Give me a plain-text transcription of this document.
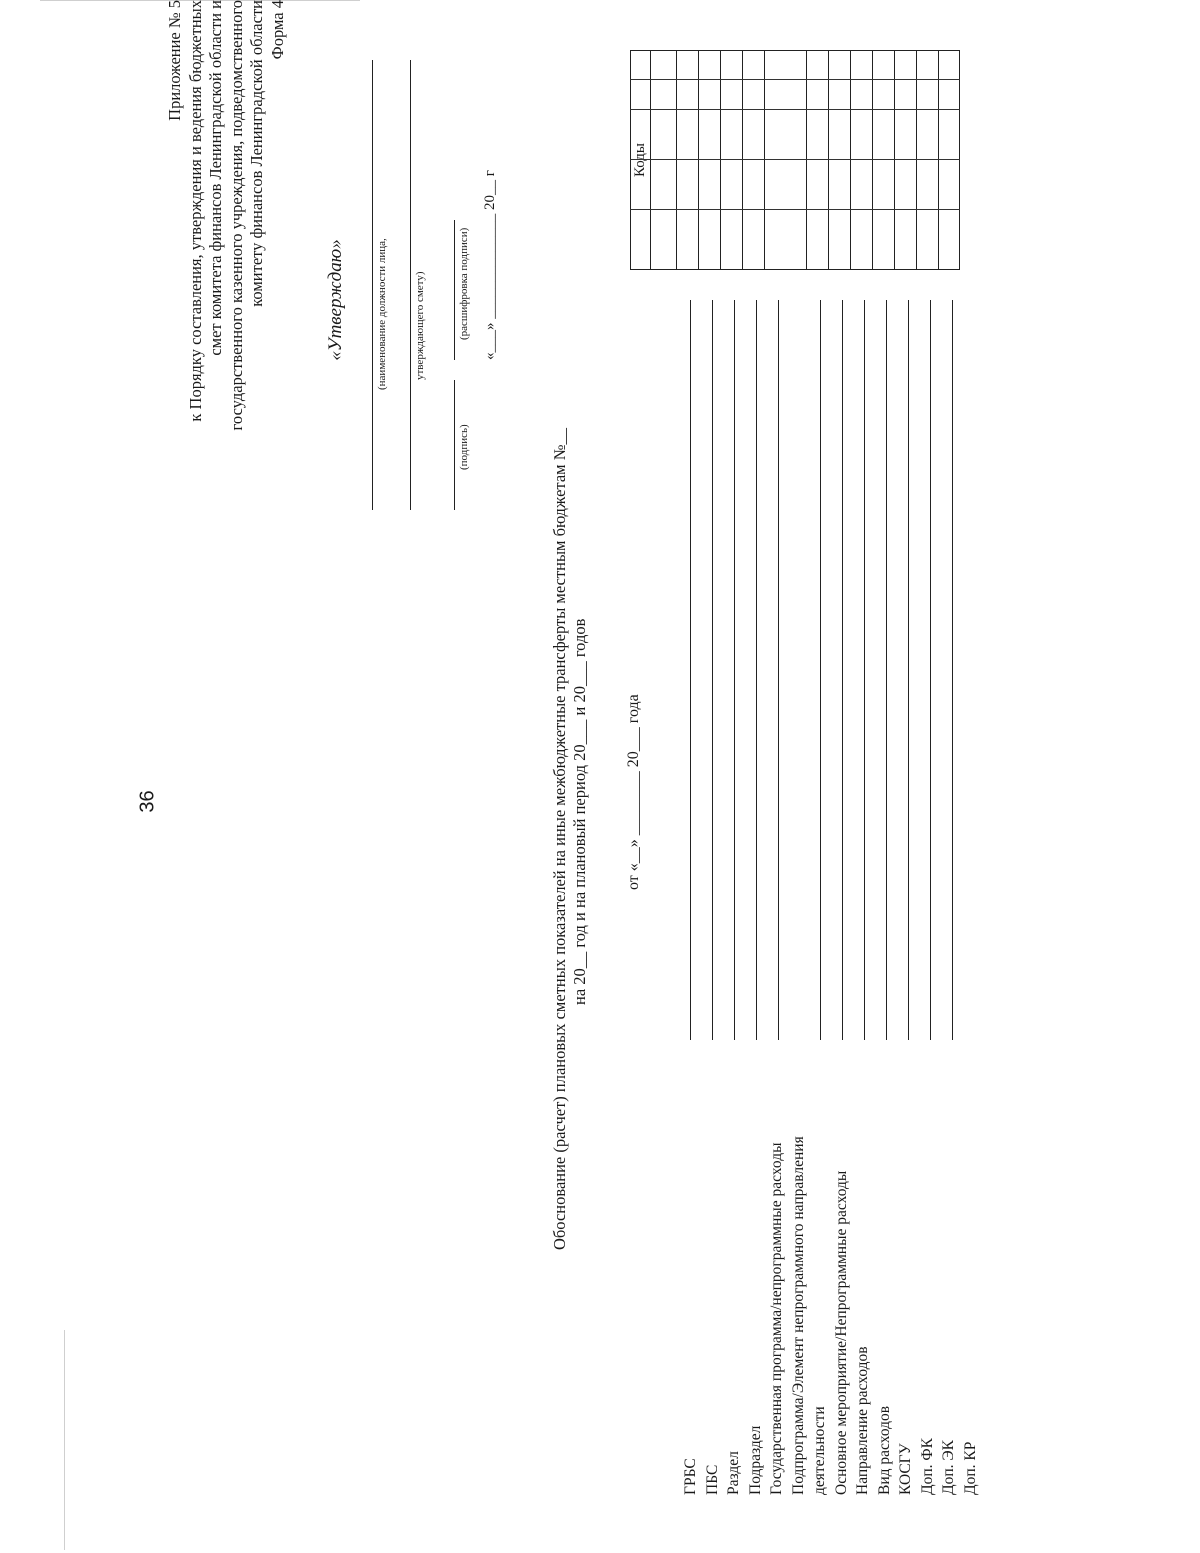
36
Приложение № 5 к Порядку составления, утверждения и ведения бюджетных смет комитета финансов Ленинградской области и государственного казенного учреждения, подведомственного комитету финансов Ленинградской области Форма 4
«Утверждаю»	(наименование должности лица, утверждающего смету)
(подпись)
(расшифровка подписи) «___» ______________ 20__ г
Обоснование (расчет) плановых сметных показателей на иные межбюджетные трансферты местным бюджетам №__ на 20__ год и на плановый период 20___ и 20___ годов от «__» ________ 20___ года
ГРБС ПБС Раздел Подраздел Государственная программа/непрограммные расходы Подпрограмма/Элемент непрограммного направления деятельности Основное мероприятие/Непрограммные расходы Направление расходов Вид расходов КОСГУ Доп. ФК Доп. ЭК Доп. КР
Коды
